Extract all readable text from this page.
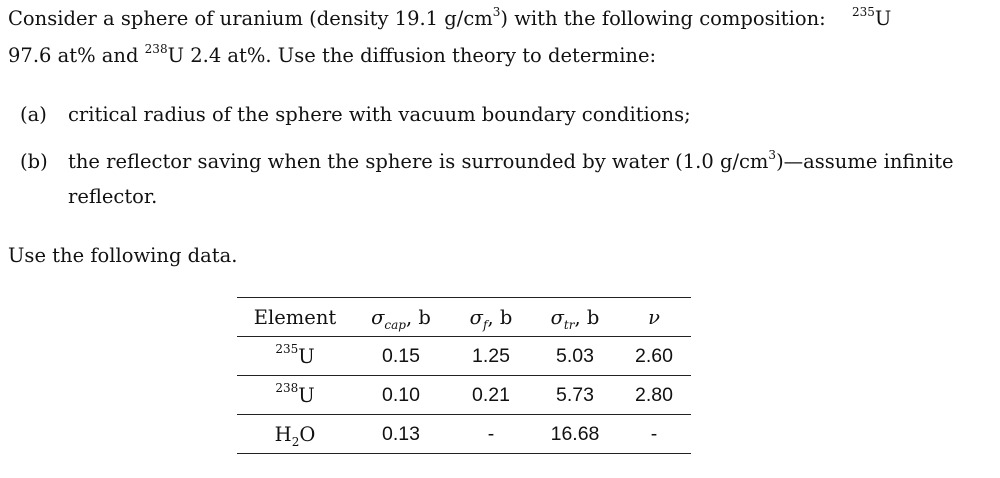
Consider a sphere of uranium (density 19.1 $g/cm^3$) with the following composition: $^{235}$U
97.6 at% and $^{238}$U 2.4 at%. Use the diffusion theory to determine:
(a) critical radius of the sphere with vacuum boundary conditions;
(b) the reflector saving when the sphere is surrounded by water (1.0 $g/cm^3)—assume$ infinite
reflector.
Use the following data.
Element	$\sigma_{cap}$, b	$\sigma_f$, b	$\sigma_{tr}$, b	ν
$^{235}$U	0.15	1.25	5.03	2.60
$^{238}$U	0.10	0.21	5.73	2.80
$H_2O$	0.13	-	16.68	-
